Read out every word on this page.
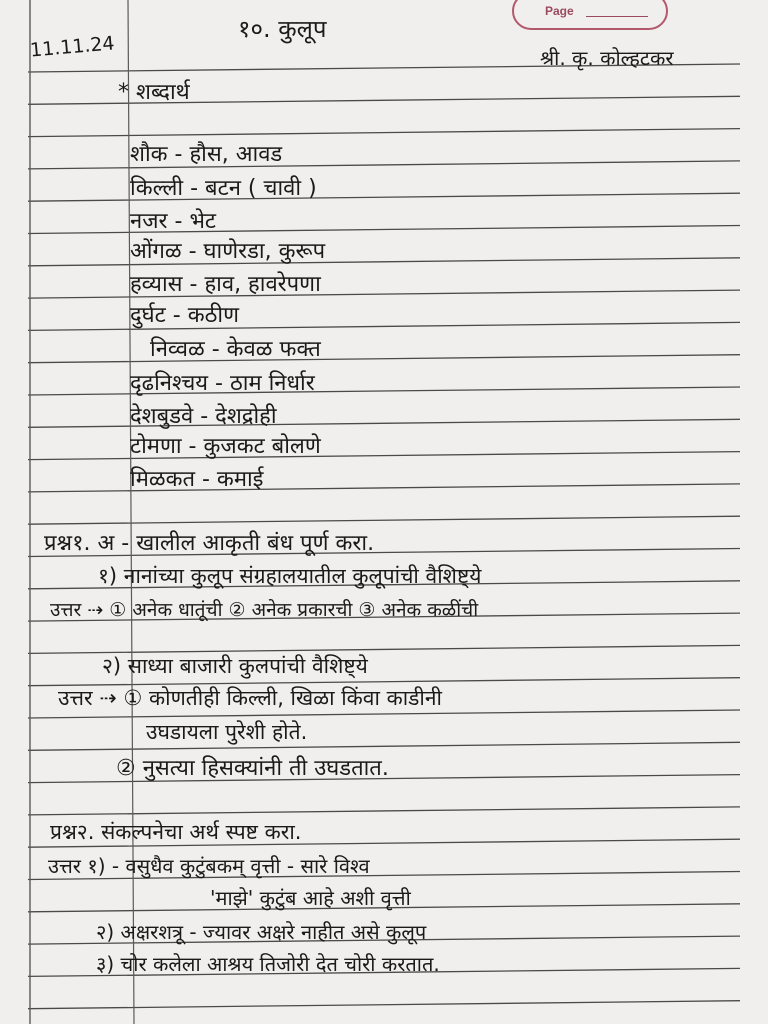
Page
11.11.24
१०. कुलूप
श्री. कृ. कोल्हटकर
* शब्दार्थ
शौक - हौस, आवड
किल्ली - बटन ( चावी )
नजर - भेट
ओंगळ - घाणेरडा, कुरूप
हव्यास - हाव, हावरेपणा
दुर्घट - कठीण
निव्वळ - केवळ फक्त
दृढनिश्चय - ठाम निर्धार
देशबुडवे - देशद्रोही
टोमणा - कुजकट बोलणे
मिळकत - कमाई
प्रश्न१. अ - खालील आकृती बंध पूर्ण करा.
१) नानांच्या कुलूप संग्रहालयातील कुलूपांची वैशिष्ट्ये
उत्तर ⇢ ① अनेक धातूंची ② अनेक प्रकारची ③ अनेक कळींची
२) साध्या बाजारी कुलपांची वैशिष्ट्ये
उत्तर ⇢ ① कोणतीही किल्ली, खिळा किंवा काडीनी
उघडायला पुरेशी होते.
② नुसत्या हिसक्यांनी ती उघडतात.
प्रश्न२. संकल्पनेचा अर्थ स्पष्ट करा.
उत्तर १) - वसुधैव कुटुंबकम् वृत्ती - सारे विश्व
'माझे' कुटुंब आहे अशी वृत्ती
२) अक्षरशत्रू - ज्यावर अक्षरे नाहीत असे कुलूप
३) चोर कलेला आश्रय तिजोरी देत चोरी करतात.
